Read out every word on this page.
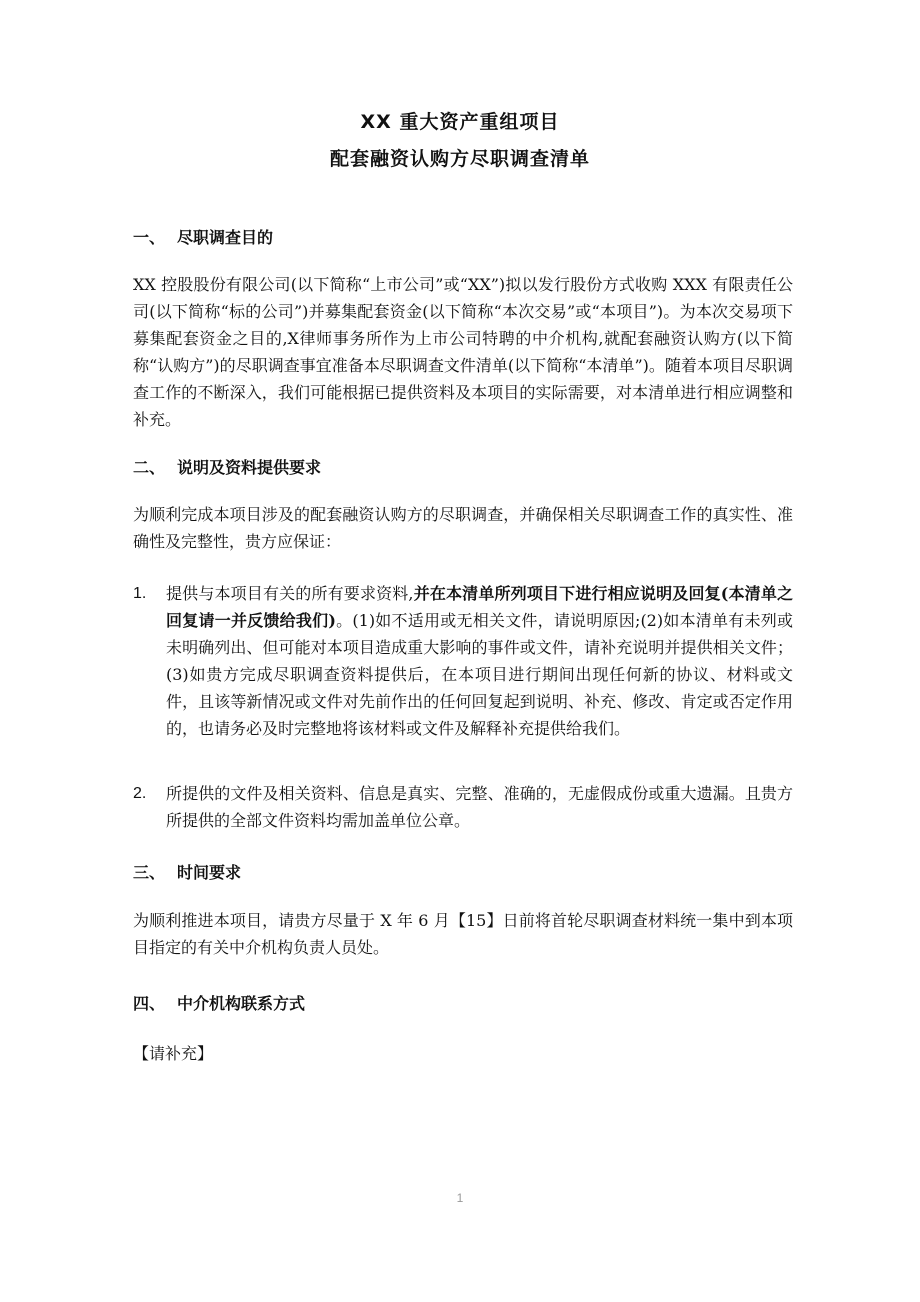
XX 重大资产重组项目
配套融资认购方尽职调查清单
一、 尽职调查目的
XX 控股股份有限公司(以下简称“上市公司”或“XX”)拟以发行股份方式收购 XXX 有限责任公司(以下简称“标的公司”)并募集配套资金(以下简称“本次交易”或“本项目”)。为本次交易项下募集配套资金之目的,X律师事务所作为上市公司特聘的中介机构,就配套融资认购方(以下简称“认购方”)的尽职调查事宜准备本尽职调查文件清单(以下简称“本清单”)。随着本项目尽职调查工作的不断深入，我们可能根据已提供资料及本项目的实际需要，对本清单进行相应调整和补充。
二、 说明及资料提供要求
为顺利完成本项目涉及的配套融资认购方的尽职调查，并确保相关尽职调查工作的真实性、准确性及完整性，贵方应保证：
1. 提供与本项目有关的所有要求资料,并在本清单所列项目下进行相应说明及回复(本清单之回复请一并反馈给我们)。(1)如不适用或无相关文件，请说明原因;(2)如本清单有未列或未明确列出、但可能对本项目造成重大影响的事件或文件，请补充说明并提供相关文件；(3)如贵方完成尽职调查资料提供后，在本项目进行期间出现任何新的协议、材料或文件，且该等新情况或文件对先前作出的任何回复起到说明、补充、修改、肯定或否定作用的，也请务必及时完整地将该材料或文件及解释补充提供给我们。
2. 所提供的文件及相关资料、信息是真实、完整、准确的，无虚假成份或重大遗漏。且贵方所提供的全部文件资料均需加盖单位公章。
三、 时间要求
为顺利推进本项目，请贵方尽量于 X 年 6 月【15】日前将首轮尽职调查材料统一集中到本项目指定的有关中介机构负责人员处。
四、 中介机构联系方式
【请补充】
1
